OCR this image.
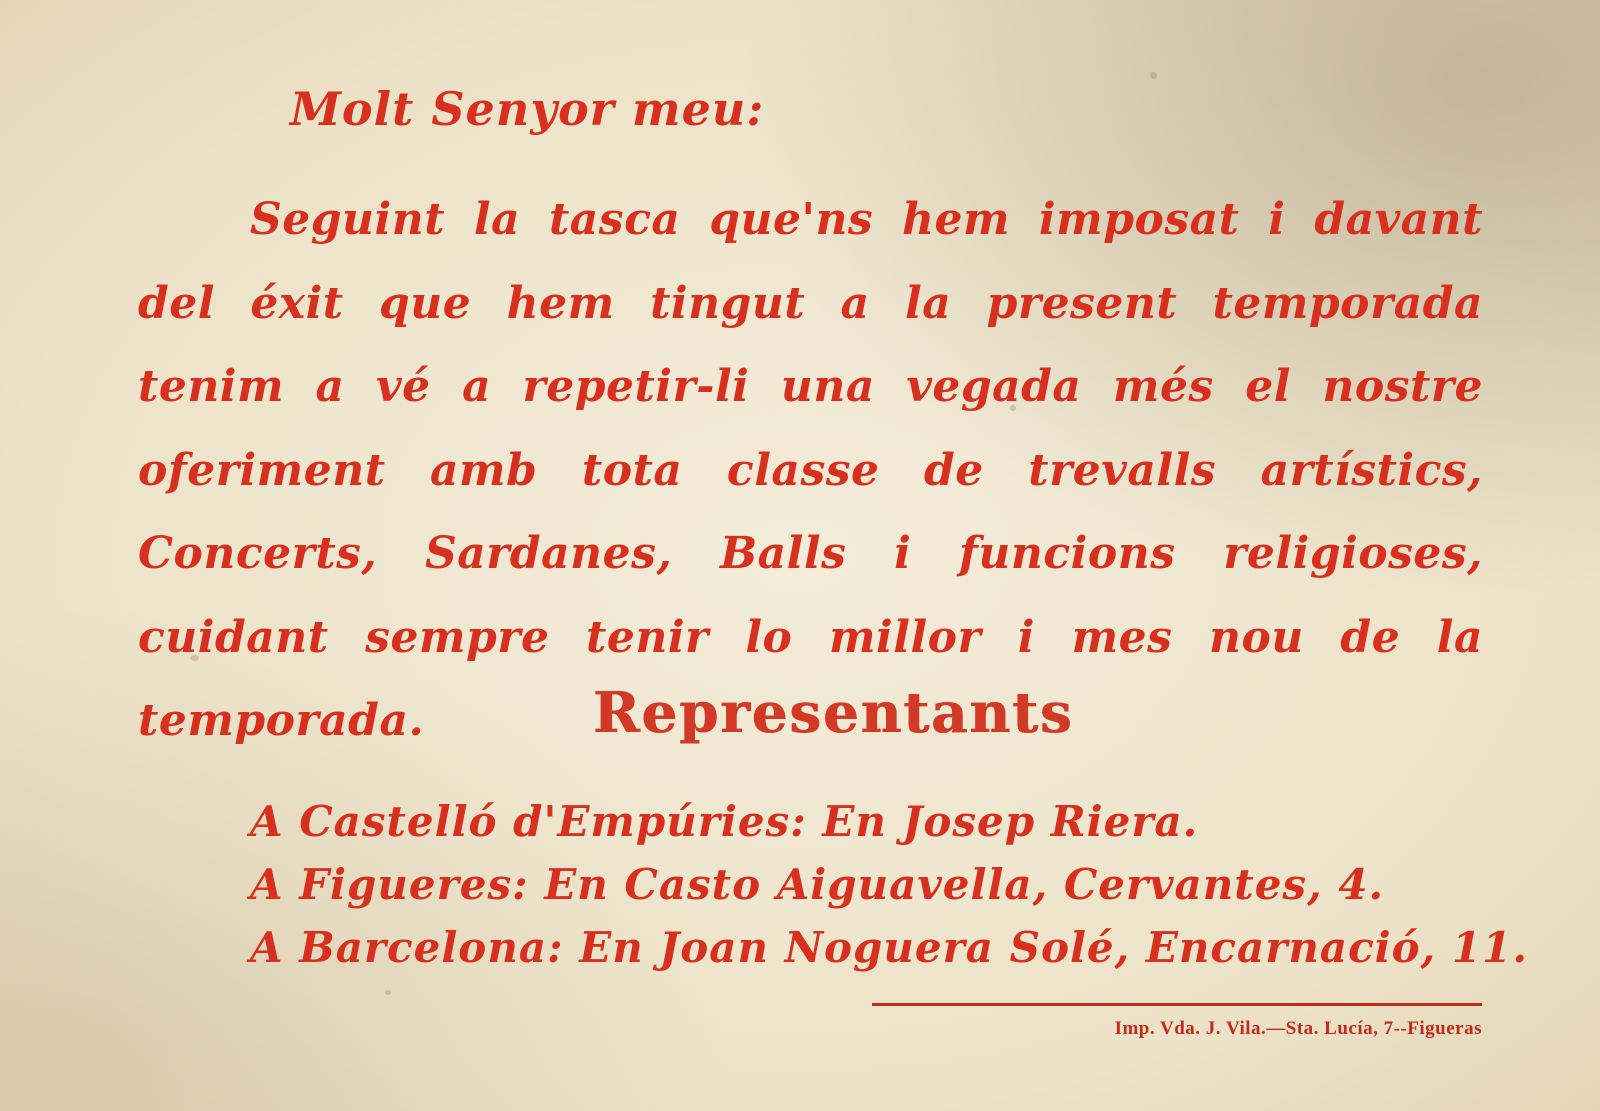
Molt Senyor meu:
Seguint la tasca que'ns hem imposat i davant del éxit que hem tingut a la present temporada tenim a vé a repetir-li una vegada més el nostre oferiment amb tota classe de trevalls artístics, Concerts, Sardanes, Balls i funcions religioses, cuidant sempre tenir lo millor i mes nou de la temporada.	Representants
A Castelló d'Empúries: En Josep Riera.
A Figueres: En Casto Aiguavella, Cervantes, 4.
A Barcelona: En Joan Noguera Solé, Encarnació, 11.
Imp. Vda. J. Vila.—Sta. Lucía, 7--Figueras
